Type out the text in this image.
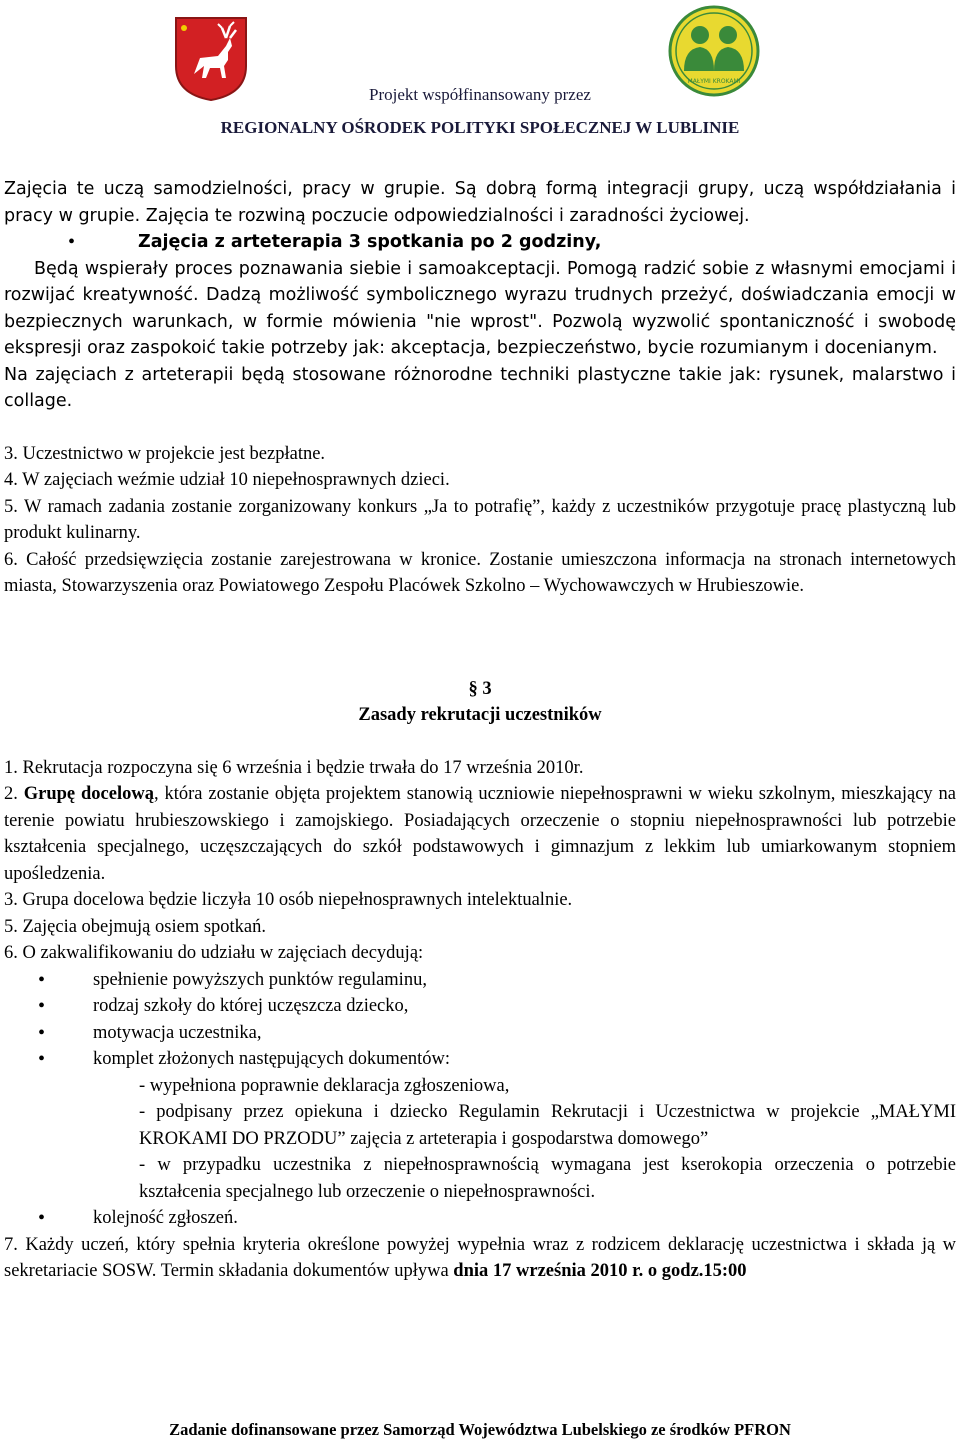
MAŁYMI KROKAMI
Projekt współfinansowany przez
REGIONALNY OŚRODEK POLITYKI SPOŁECZNEJ W LUBLINIE

Zajęcia te uczą samodzielności, pracy w grupie. Są dobrą formą integracji grupy, uczą współdziałania i pracy w grupie. Zajęcia te rozwiną poczucie odpowiedzialności i zaradności życiowej.

•	Zajęcia z arteterapia 3 spotkania po 2 godziny,

Będą wspierały proces poznawania siebie i samoakceptacji. Pomogą radzić sobie z własnymi emocjami i rozwijać kreatywność. Dadzą możliwość symbolicznego wyrazu trudnych przeżyć, doświadczania emocji w bezpiecznych warunkach, w formie mówienia "nie wprost". Pozwolą wyzwolić spontaniczność i swobodę ekspresji oraz zaspokoić takie potrzeby jak: akceptacja, bezpieczeństwo, bycie rozumianym i docenianym.

Na zajęciach z arteterapii będą stosowane różnorodne techniki plastyczne takie jak: rysunek, malarstwo i collage.

3. Uczestnictwo w projekcie jest bezpłatne.

4. W zajęciach weźmie udział 10 niepełnosprawnych dzieci.

5. W ramach zadania zostanie zorganizowany konkurs „Ja to potrafię”, każdy z uczestników przygotuje pracę plastyczną lub produkt kulinarny.

6. Całość przedsięwzięcia zostanie zarejestrowana w kronice. Zostanie umieszczona informacja na stronach internetowych miasta, Stowarzyszenia oraz Powiatowego Zespołu Placówek Szkolno – Wychowawczych w Hrubieszowie.

§ 3

Zasady rekrutacji uczestników

1. Rekrutacja rozpoczyna się 6 września i będzie trwała do 17 września 2010r.

2. Grupę docelową, która zostanie objęta projektem stanowią uczniowie niepełnosprawni w wieku szkolnym, mieszkający na terenie powiatu hrubieszowskiego i zamojskiego. Posiadających orzeczenie o stopniu niepełnosprawności lub potrzebie kształcenia specjalnego, uczęszczających do szkół podstawowych i gimnazjum z lekkim lub umiarkowanym stopniem upośledzenia.

3. Grupa docelowa będzie liczyła 10 osób niepełnosprawnych intelektualnie.

5. Zajęcia obejmują osiem spotkań.

6. O zakwalifikowaniu do udziału w zajęciach decydują:

•	spełnienie powyższych punktów regulaminu,
•	rodzaj szkoły do której uczęszcza dziecko,
•	motywacja uczestnika,
•	komplet złożonych następujących dokumentów:

- wypełniona poprawnie deklaracja zgłoszeniowa,

- podpisany przez opiekuna i dziecko Regulamin Rekrutacji i Uczestnictwa w projekcie „MAŁYMI KROKAMI DO PRZODU” zajęcia z arteterapia i gospodarstwa domowego”

- w przypadku uczestnika z niepełnosprawnością wymagana jest kserokopia orzeczenia o potrzebie kształcenia specjalnego lub orzeczenie o niepełnosprawności.

•	kolejność zgłoszeń.

7. Każdy uczeń, który spełnia kryteria określone powyżej wypełnia wraz z rodzicem deklarację uczestnictwa i składa ją w sekretariacie SOSW. Termin składania dokumentów upływa dnia 17 września 2010 r. o godz.15:00

Zadanie dofinansowane przez Samorząd Województwa Lubelskiego ze środków PFRON
